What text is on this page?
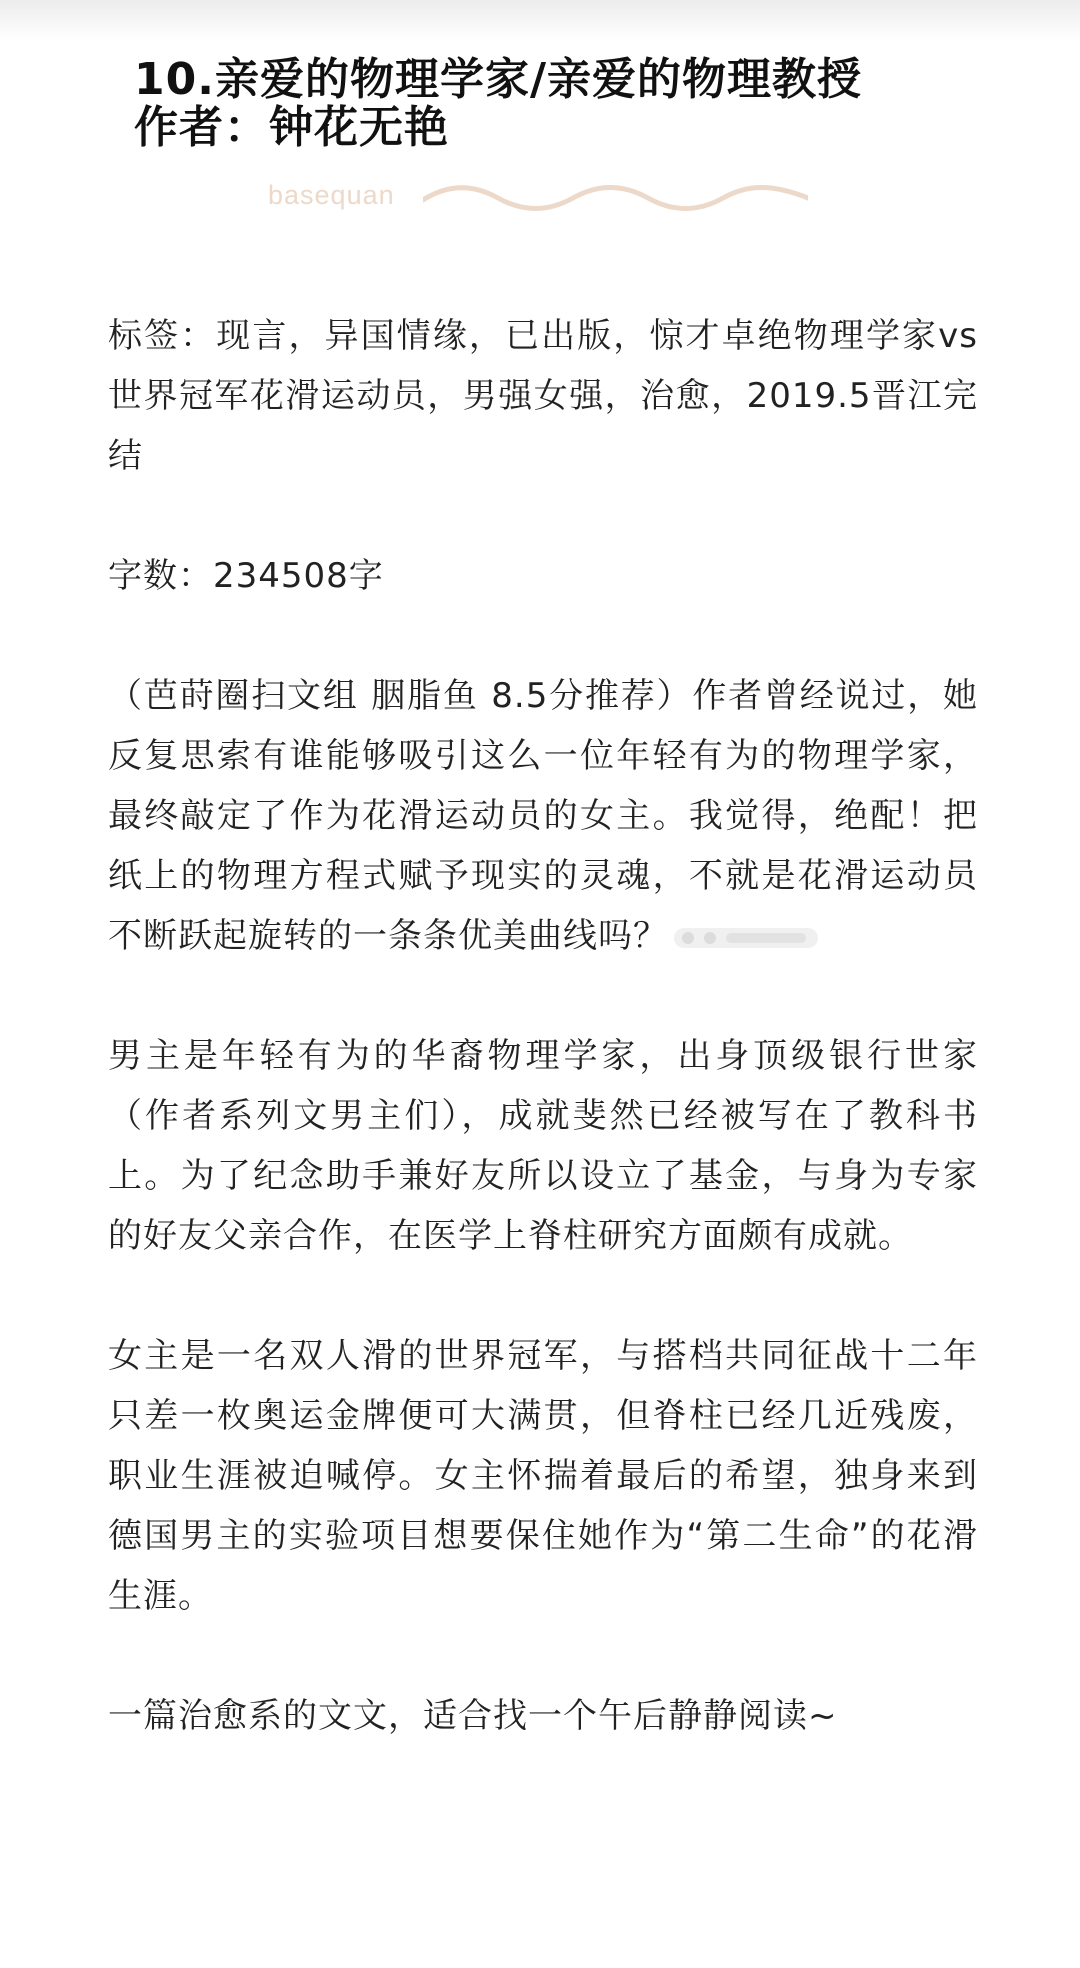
10.亲爱的物理学家/亲爱的物理教授
作者：钟花无艳
basequan

标签：现言，异国情缘，已出版，惊才卓绝物理学家vs世界冠军花滑运动员，男强女强，治愈，2019.5晋江完结

字数：234508字

（芭莳圈扫文组 胭脂鱼 8.5分推荐）作者曾经说过，她反复思索有谁能够吸引这么一位年轻有为的物理学家，最终敲定了作为花滑运动员的女主。我觉得，绝配！把纸上的物理方程式赋予现实的灵魂，不就是花滑运动员不断跃起旋转的一条条优美曲线吗？

男主是年轻有为的华裔物理学家，出身顶级银行世家（作者系列文男主们），成就斐然已经被写在了教科书上。为了纪念助手兼好友所以设立了基金，与身为专家的好友父亲合作，在医学上脊柱研究方面颇有成就。

女主是一名双人滑的世界冠军，与搭档共同征战十二年只差一枚奥运金牌便可大满贯，但脊柱已经几近残废，职业生涯被迫喊停。女主怀揣着最后的希望，独身来到德国男主的实验项目想要保住她作为“第二生命”的花滑生涯。

一篇治愈系的文文，适合找一个午后静静阅读~
